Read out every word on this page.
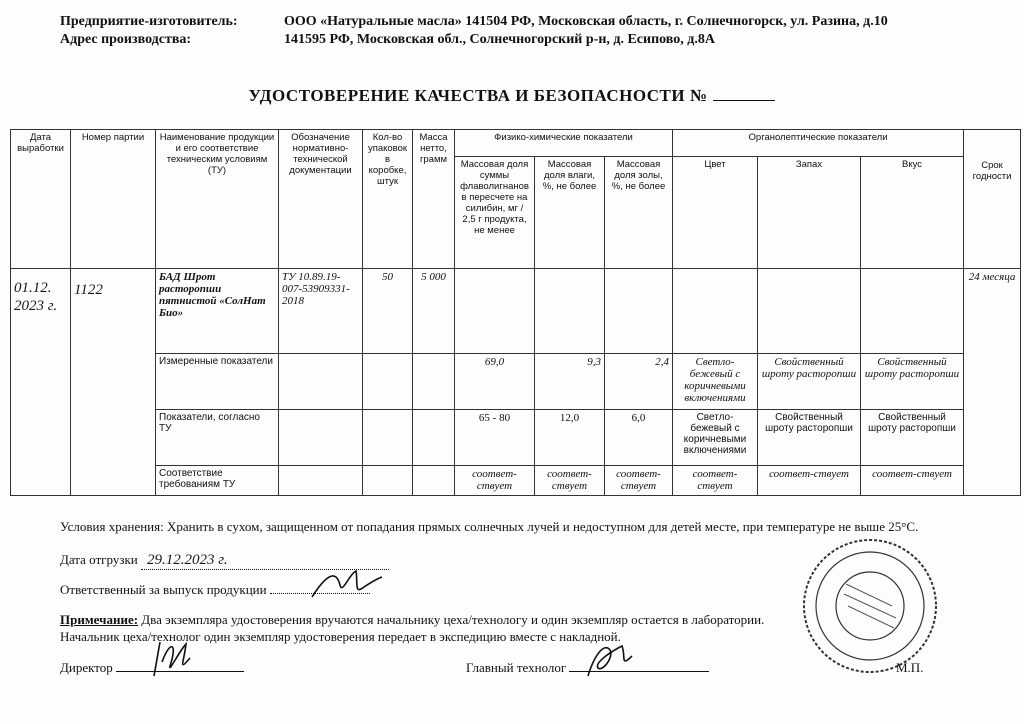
Предприятие-изготовитель:	ООО «Натуральные масла» 141504 РФ, Московская область, г. Солнечногорск, ул. Разина, д.10
Адрес производства:	141595 РФ, Московская обл., Солнечногорский р-н, д. Есипово, д.8А
УДОСТОВЕРЕНИЕ КАЧЕСТВА И БЕЗОПАСНОСТИ №
Дата выработки	Номер партии	Наименование продукции и его соответствие техническим условиям (ТУ)	Обозначение нормативно-технической документации	Кол-во упаковок в коробке, штук	Масса нетто, грамм	Физико-химические показатели			Органолептические показатели			Срок годности
						Массовая доля суммы флаволигнанов в пересчете на силибин, мг / 2,5 г продукта, не менее	Массовая доля влаги, %, не более	Массовая доля золы, %, не более	Цвет	Запах	Вкус	
01.12. 2023 г.	1122	БАД Шрот расторопши пятнистой «СолНат Био»	ТУ 10.89.19-007-53909331-2018	50	5 000							24 месяца
		Измеренные показатели				69,0	9,3	2,4	Светло-бежевый с коричневыми включениями	Свойственный шроту расторопши	Свойственный шроту расторопши	
		Показатели, согласно ТУ				65 - 80	12,0	6,0	Светло-бежевый с коричневыми включениями	Свойственный шроту расторопши	Свойственный шроту расторопши	
		Соответствие требованиям ТУ				соответ-ствует	соответ-ствует	соответ-ствует	соответ-ствует	соответ-ствует	соответ-ствует	
Условия хранения: Хранить в сухом, защищенном от попадания прямых солнечных лучей и недоступном для детей месте, при температуре не выше 25°С.
Дата отгрузки 29.12.2023 г.
Ответственный за выпуск продукции
Примечание: Два экземпляра удостоверения вручаются начальнику цеха/технологу и один экземпляр остается в лаборатории.
Начальник цеха/технолог один экземпляр удостоверения передает в экспедицию вместе с накладной.
Директор	Главный технолог	М.П.
